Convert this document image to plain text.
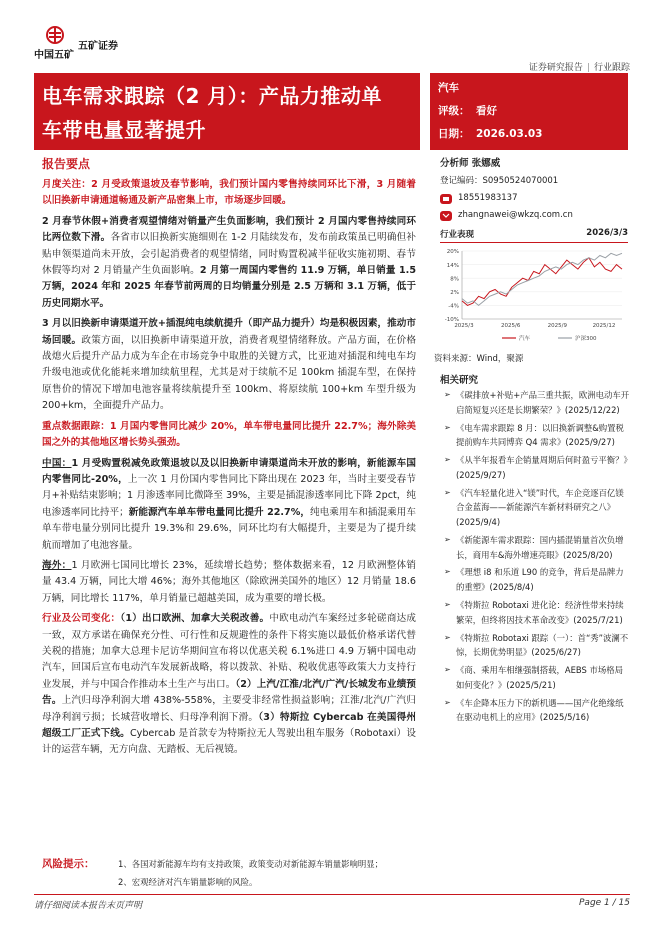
中国五矿
五矿证券
证券研究报告 | 行业跟踪
电车需求跟踪（2 月）：产品力推动单
车带电量显著提升
汽车
评级： 看好
日期： 2026.03.03
报告要点

月度关注：2 月受政策退坡及春节影响，我们预计国内零售持续同环比下滑，3 月随着以旧换新申请通道畅通及新产品密集上市，市场逐步回暖。

2 月春节休假+消费者观望情绪对销量产生负面影响，我们预计 2 月国内零售持续同环比两位数下滑。各省市以旧换新实施细则在 1-2 月陆续发布，发布前政策虽已明确但补贴申领渠道尚未开放，会引起消费者的观望情绪，同时购置税减半征收实施初期、春节休假等均对 2 月销量产生负面影响。2 月第一周国内零售约 11.9 万辆，单日销量 1.5 万辆，2024 年和 2025 年春节前两周的日均销量分别是 2.5 万辆和 3.1 万辆，低于历史同期水平。

3 月以旧换新申请渠道开放+插混纯电续航提升（即产品力提升）均是积极因素，推动市场回暖。政策方面，以旧换新申请渠道开放，消费者观望情绪释放。产品方面，在价格战熄火后提升产品力成为车企在市场竞争中取胜的关键方式，比亚迪对插混和纯电车均升级电池或优化能耗来增加续航里程，尤其是对于续航不足 100km 插混车型，在保持原售价的情况下增加电池容量将续航提升至 100km、将原续航 100+km 车型升级为 200+km，全面提升产品力。

重点数据跟踪：1 月国内零售同比减少 20%，单车带电量同比提升 22.7%；海外除美国之外的其他地区增长势头强劲。

中国：1 月受购置税减免政策退坡以及以旧换新申请渠道尚未开放的影响，新能源车国内零售同比-20%，上一次 1 月份国内零售同比下降出现在 2023 年，当时主要受春节月+补贴结束影响；1 月渗透率同比微降至 39%，主要是插混渗透率同比下降 2pct，纯电渗透率同比持平；新能源汽车单车带电量同比提升 22.7%，纯电乘用车和插混乘用车单车带电量分别同比提升 19.3%和 29.6%，同环比均有大幅提升，主要是为了提升续航而增加了电池容量。

海外：1 月欧洲七国同比增长 23%，延续增长趋势；整体数据来看，12 月欧洲整体销量 43.4 万辆，同比大增 46%；海外其他地区（除欧洲美国外的地区）12 月销量 18.6 万辆，同比增长 117%，单月销量已超越美国，成为重要的增长极。

行业及公司变化：（1）出口欧洲、加拿大关税改善。中欧电动汽车案经过多轮磋商达成一致，双方承诺在确保充分性、可行性和反规避性的条件下将实施以最低价格承诺代替关税的措施；加拿大总理卡尼访华期间宣布将以优惠关税 6.1%进口 4.9 万辆中国电动汽车，回国后宣布电动汽车发展新战略，将以拨款、补贴、税收优惠等政策大力支持行业发展，并与中国合作推动本土生产与出口。（2）上汽/江淮/北汽/广汽/长城发布业绩预告。上汽归母净利润大增 438%-558%，主要受非经常性损益影响；江淮/北汽/广汽归母净利润亏损；长城营收增长、归母净利润下滑。（3）特斯拉 Cybercab 在美国得州超级工厂正式下线。Cybercab 是首款专为特斯拉无人驾驶出租车服务（Robotaxi）设计的运营车辆，无方向盘、无踏板、无后视镜。

分析师 张娜威
登记编码：S0950524070001
18551983137
zhangnawei@wkzq.com.cn
行业表现	2026/3/3
20%
14%
8%
2%
-4%
-10%
2025/3	2025/6	2025/9	2025/12
汽车	沪深300
资料来源：Wind，聚源
相关研究
➢ 《碳排放+补贴+产品三重共振，欧洲电动车开启简短复兴还是长期繁荣？》(2025/12/22)
➢ 《电车需求跟踪 8 月：以旧换新调整&购置税提前购车共同博弈 Q4 需求》(2025/9/27)
➢ 《从半年报看车企销量周期后何时盈亏平衡？》(2025/9/27)
➢ 《汽车轻量化进入“镁”时代，车企竞逐百亿镁合金蓝海——新能源汽车新材料研究之八》(2025/9/4)
➢ 《新能源车需求跟踪：国内插混销量首次负增长，商用车&海外增速亮眼》(2025/8/20)
➢ 《理想 i8 和乐道 L90 的竞争，背后是品牌力的重塑》(2025/8/4)
➢ 《特斯拉 Robotaxi 进化论：经济性带来持续繁荣，但终将因技术革命改变》(2025/7/21)
➢ 《特斯拉 Robotaxi 跟踪（一）：首“秀”波澜不惊，长期优势明显》(2025/6/27)
➢ 《商、乘用车相继强制搭载，AEBS 市场格局如何变化？》(2025/5/21)
➢ 《车企降本压力下的新机遇——国产化绝缘纸在驱动电机上的应用》(2025/5/16)
风险提示：	1、各国对新能源车均有支持政策，政策变动对新能源车销量影响明显；
2、宏观经济对汽车销量影响的风险。
请仔细阅读本报告末页声明	Page 1 / 15
